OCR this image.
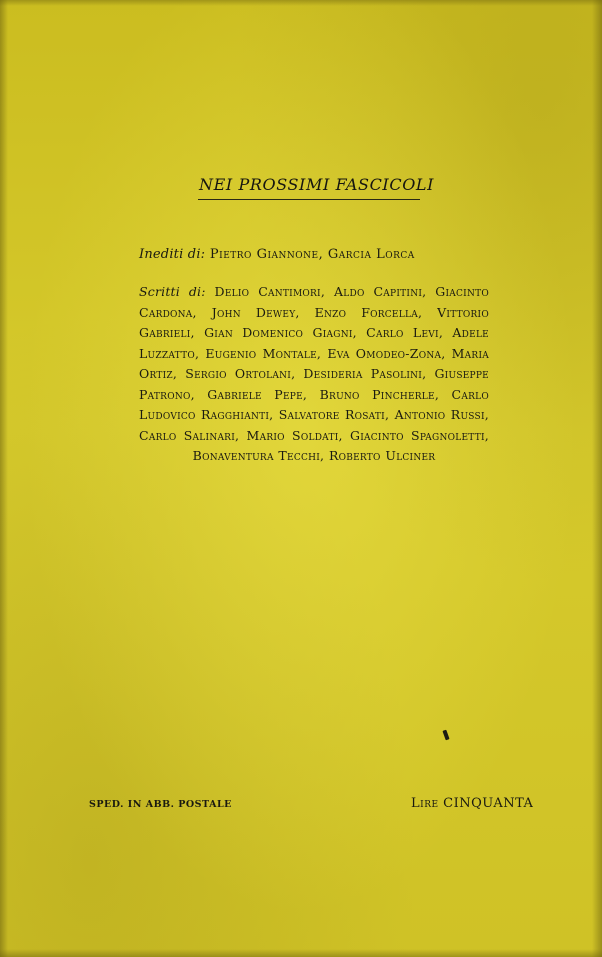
NEI PROSSIMI FASCICOLI
Inediti di: Pietro Giannone, Garcia Lorca
Scritti di: Delio Cantimori, Aldo Capitini, Giacinto Cardona, John Dewey, Enzo Forcella, Vittorio Gabrieli, Gian Domenico Giagni, Carlo Levi, Adele Luzzatto, Eugenio Montale, Eva Omodeo-Zona, Maria Ortiz, Sergio Ortolani, Desideria Pasolini, Giuseppe Patrono, Gabriele Pepe, Bruno Pincherle, Carlo Ludovico Ragghianti, Salvatore Rosati, Antonio Russi, Carlo Salinari, Mario Soldati, Giacinto Spagnoletti, Bonaventura Tecchi, Roberto Ulciner
SPED. IN ABB. POSTALE	Lire CINQUANTA
